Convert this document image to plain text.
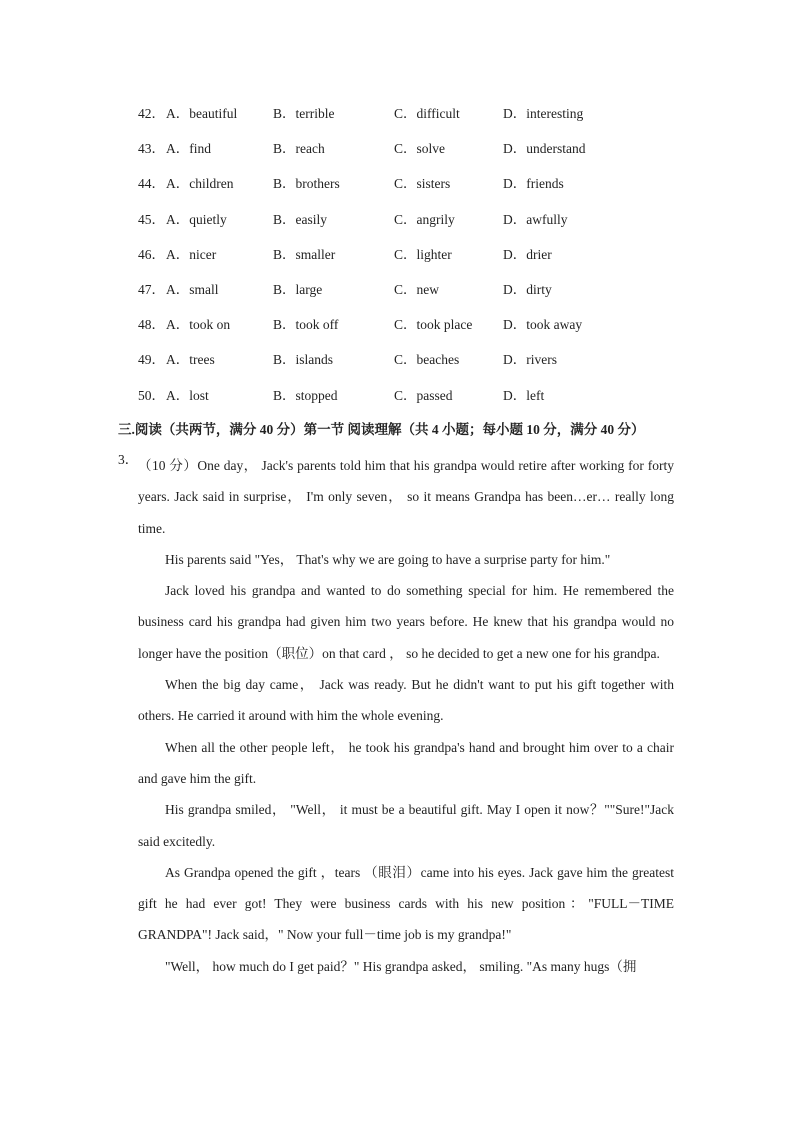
42． A．beautiful	B．terrible	C．difficult	D．interesting
43． A．find	B．reach	C．solve	D．understand
44． A．children	B．brothers	C．sisters	D．friends
45． A．quietly	B．easily	C．angrily	D．awfully
46． A．nicer	B．smaller	C．lighter	D．drier
47． A．small	B．large	C．new	D．dirty
48． A．took on	B．took off	C．took place D．took away
49． A．trees	B．islands	C．beaches	D．rivers
50． A．lost	B．stopped	C．passed	D．left
三.阅读（共两节，满分 40 分）第一节 阅读理解（共 4 小题；每小题 10 分，满分 40 分）
3． （10 分）One day， Jack's parents told him that his grandpa would retire after working for forty years. Jack said in surprise， I'm only seven， so it means Grandpa has been…er… really long time.

His parents said "Yes， That's why we are going to have a surprise party for him."

Jack loved his grandpa and wanted to do something special for him. He remembered the business card his grandpa had given him two years before. He knew that his grandpa would no longer have the position（职位）on that card ， so he decided to get a new one for his grandpa.

When the big day came， Jack was ready. But he didn't want to put his gift together with others. He carried it around with him the whole evening.

When all the other people left， he took his grandpa's hand and brought him over to a chair and gave him the gift.

His grandpa smiled， "Well， it must be a beautiful gift. May I open it now？""Sure!"Jack said excitedly.

As Grandpa opened the gift ，tears （眼泪）came into his eyes. Jack gave him the greatest gift he had ever got! They were business cards with his new position："FULL－TIME GRANDPA"! Jack said，" Now your full－time job is my grandpa!"

"Well， how much do I get paid？" His grandpa asked， smiling. "As many hugs（拥
